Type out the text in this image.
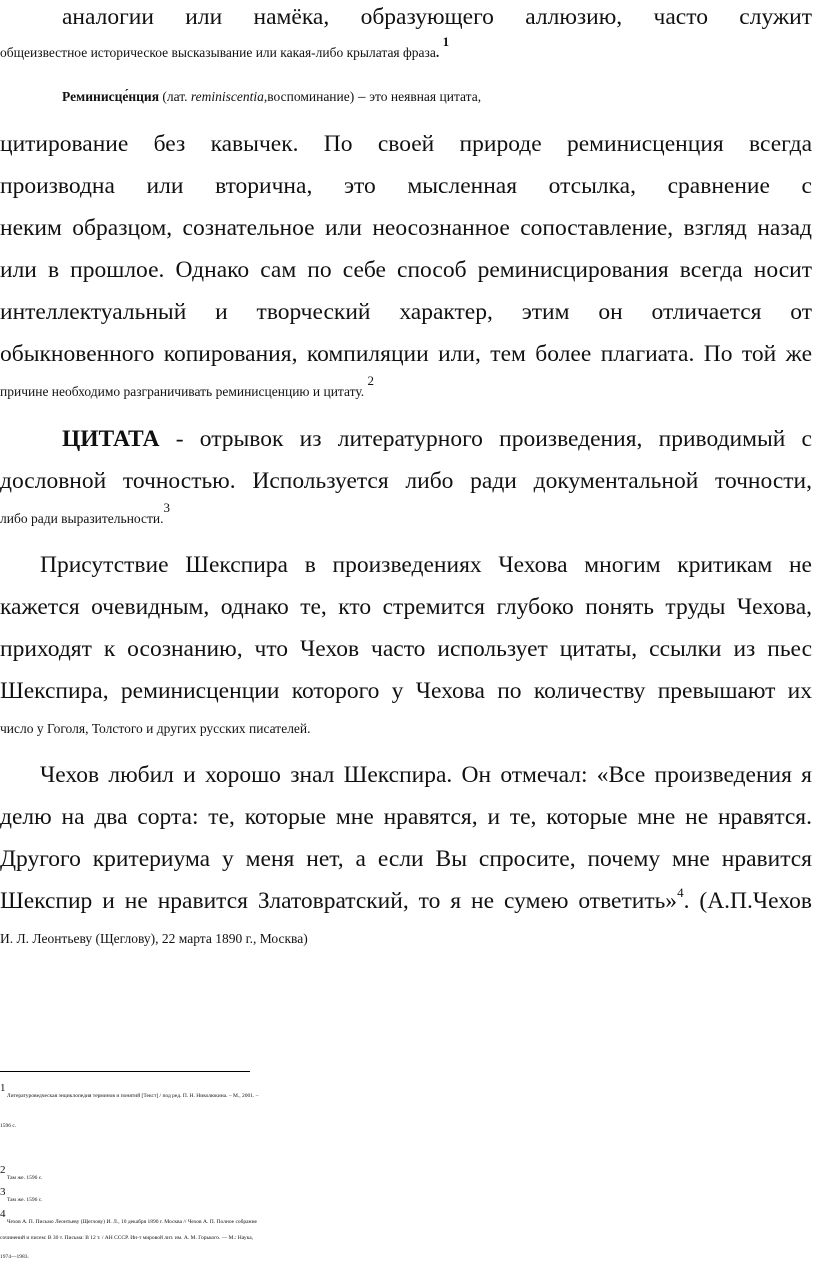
аналогии или намёка, образующего аллюзию, часто служит
общеизвестное историческое высказывание или какая-либо крылатая фраза. $^1$
Реминисце́нция (лат. reminiscentia,воспоминание) – это неявная цитата,
цитирование без кавычек. По своей природе реминисценция всегда
производна или вторична, это мысленная отсылка, сравнение с
неким образцом, сознательное или неосознанное сопоставление, взгляд назад
или в прошлое. Однако сам по себе способ реминисцирования всегда носит
интеллектуальный и творческий характер, этим он отличается от
обыкновенного копирования, компиляции или, тем более плагиата. По той же
причине необходимо разграничивать реминисценцию и цитату. $^2$
ЦИТАТА - отрывок из литературного произведения, приводимый с
дословной точностью. Используется либо ради документальной точности,
либо ради выразительности.$^3$
Присутствие Шекспира в произведениях Чехова многим критикам не
кажется очевидным, однако те, кто стремится глубоко понять труды Чехова,
приходят к осознанию, что Чехов часто использует цитаты, ссылки из пьес
Шекспира, реминисценции которого у Чехова по количеству превышают их
число у Гоголя, Толстого и других русских писателей.
Чехов любил и хорошо знал Шекспира. Он отмечал: «Все произведения я
делю на два сорта: те, которые мне нравятся, и те, которые мне не нравятся.
Другого критериума у меня нет, а если Вы спросите, почему мне нравится
Шекспир и не нравится Златовратский, то я не сумею ответить»$^4$. (А.П.Чехов
И. Л. Леонтьеву (Щеглову), 22 марта 1890 г., Москва)
$^1$ Литературоведческая энциклопедия терминов и понятий [Текст] / под ред. П. Н. Николюкина. – М., 2001. –
1596 с.
$^2$ Там же. 1596 с.
$^3$ Там же. 1596 с.
$^4$ Чехов А. П. Письмо Леонтьеву (Щеглову) И. Л., 10 декабря 1890 г. Москва // Чехов А. П. Полное собрание
сочинений и писем: В 30 т. Письма: В 12 т. / АН СССР. Ин-т мировой лит. им. А. М. Горького. — М.: Наука,
1974—1983.
